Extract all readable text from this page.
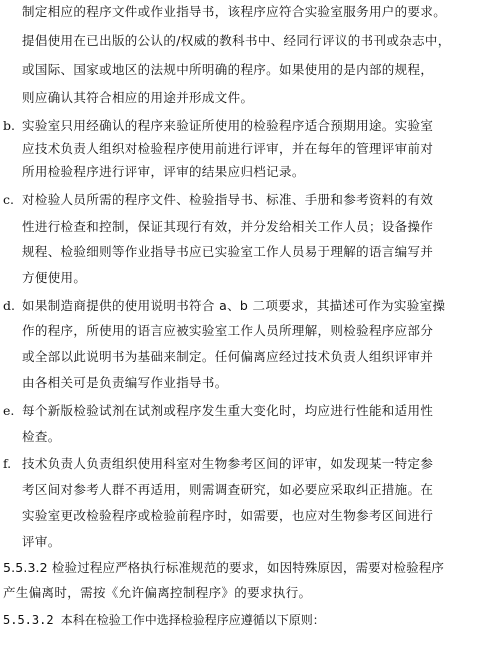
制定相应的程序文件或作业指导书，该程序应符合实验室服务用户的要求。
提倡使用在已出版的公认的/权威的教科书中、经同行评议的书刊或杂志中，
或国际、国家或地区的法规中所明确的程序。如果使用的是内部的规程，
则应确认其符合相应的用途并形成文件。
b. 实验室只用经确认的程序来验证所使用的检验程序适合预期用途。实验室
应技术负责人组织对检验程序使用前进行评审，并在每年的管理评审前对
所用检验程序进行评审，评审的结果应归档记录。
c. 对检验人员所需的程序文件、检验指导书、标准、手册和参考资料的有效
性进行检查和控制，保证其现行有效，并分发给相关工作人员；设备操作
规程、检验细则等作业指导书应已实验室工作人员易于理解的语言编写并
方便使用。
d. 如果制造商提供的使用说明书符合 a、b 二项要求，其描述可作为实验室操
作的程序，所使用的语言应被实验室工作人员所理解，则检验程序应部分
或全部以此说明书为基础来制定。任何偏离应经过技术负责人组织评审并
由各相关可是负责编写作业指导书。
e. 每个新版检验试剂在试剂或程序发生重大变化时，均应进行性能和适用性
检查。
f. 技术负责人负责组织使用科室对生物参考区间的评审，如发现某一特定参
考区间对参考人群不再适用，则需调查研究，如必要应采取纠正措施。在
实验室更改检验程序或检验前程序时，如需要，也应对生物参考区间进行
评审。
5.5.3.2 检验过程应严格执行标准规范的要求，如因特殊原因，需要对检验程序
产生偏离时，需按《允许偏离控制程序》的要求执行。
5.5.3.2 本科在检验工作中选择检验程序应遵循以下原则：
